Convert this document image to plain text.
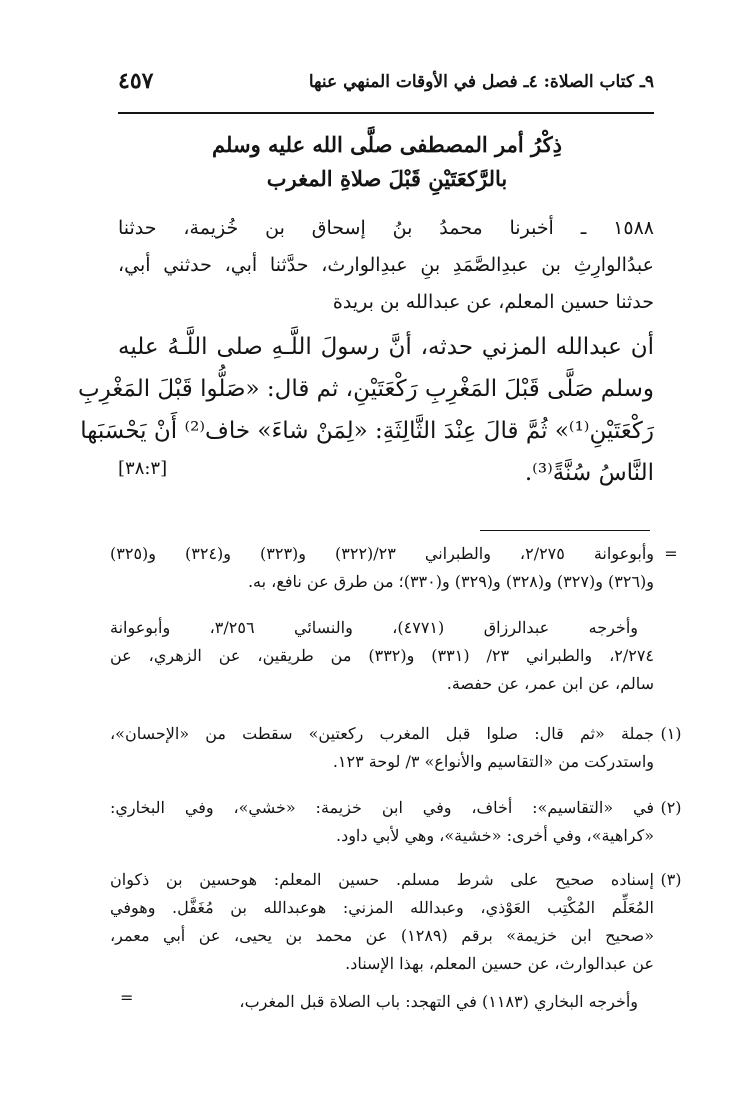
٩ـ كتاب الصلاة: ٤ـ فصل في الأوقات المنهي عنها
٤٥٧
ذِكْرُ أمر المصطفى صلَّى الله عليه وسلم
بالرَّكعَتَيْنِ قَبْلَ صلاةِ المغرب
١٥٨٨ ـ أخبرنا محمدُ بنُ إسحاق بن خُزيمة، حدثنا
عبدُالوارِثِ بن عبدِالصَّمَدِ بنِ عبدِالوارث، حدَّثنا أبي، حدثني أبي،
حدثنا حسين المعلم، عن عبدالله بن بريدة
أن عبدالله المزني حدثه، أنَّ رسولَ اللَّـهِ صلى اللَّـهُ عليه
وسلم صَلَّى قَبْلَ المَغْرِبِ رَكْعَتَيْنِ، ثم قال: «صَلُّوا قَبْلَ المَغْرِبِ
رَكْعَتَيْنِ⁽¹⁾» ثُمَّ قالَ عِنْدَ الثَّالِثَةِ: «لِمَنْ شاءَ» خاف⁽²⁾ أَنْ يَحْسَبَها
النَّاسُ سُنَّةً⁽³⁾.
[٣٨:٣]
=
وأبوعوانة ٢/٢٧٥، والطبراني ٢٣/(٣٢٢) و(٣٢٣) و(٣٢٤) و(٣٢٥)
و(٣٢٦) و(٣٢٧) و(٣٢٨) و(٣٢٩) و(٣٣٠)؛ من طرق عن نافع، به.
وأخرجه عبدالرزاق (٤٧٧١)، والنسائي ٣/٢٥٦، وأبوعوانة
٢/٢٧٤، والطبراني ٢٣/ (٣٣١) و(٣٣٢) من طريقين، عن الزهري، عن
سالم، عن ابن عمر، عن حفصة.
(١)
جملة «ثم قال: صلوا قبل المغرب ركعتين» سقطت من «الإحسان»،
واستدركت من «التقاسيم والأنواع» ٣/ لوحة ١٢٣.
(٢)
في «التقاسيم»: أخاف، وفي ابن خزيمة: «خشي»، وفي البخاري:
«كراهية»، وفي أخرى: «خشية»، وهي لأبي داود.
(٣)
إسناده صحيح على شرط مسلم. حسين المعلم: هوحسين بن ذكوان
المُعَلِّم المُكْتِب العَوْذي، وعبدالله المزني: هوعبدالله بن مُغَفَّل. وهوفي
«صحيح ابن خزيمة» برقم (١٢٨٩) عن محمد بن يحيى، عن أبي معمر،
عن عبدالوارث، عن حسين المعلم، بهذا الإسناد.
وأخرجه البخاري (١١٨٣) في التهجد: باب الصلاة قبل المغرب،
=
